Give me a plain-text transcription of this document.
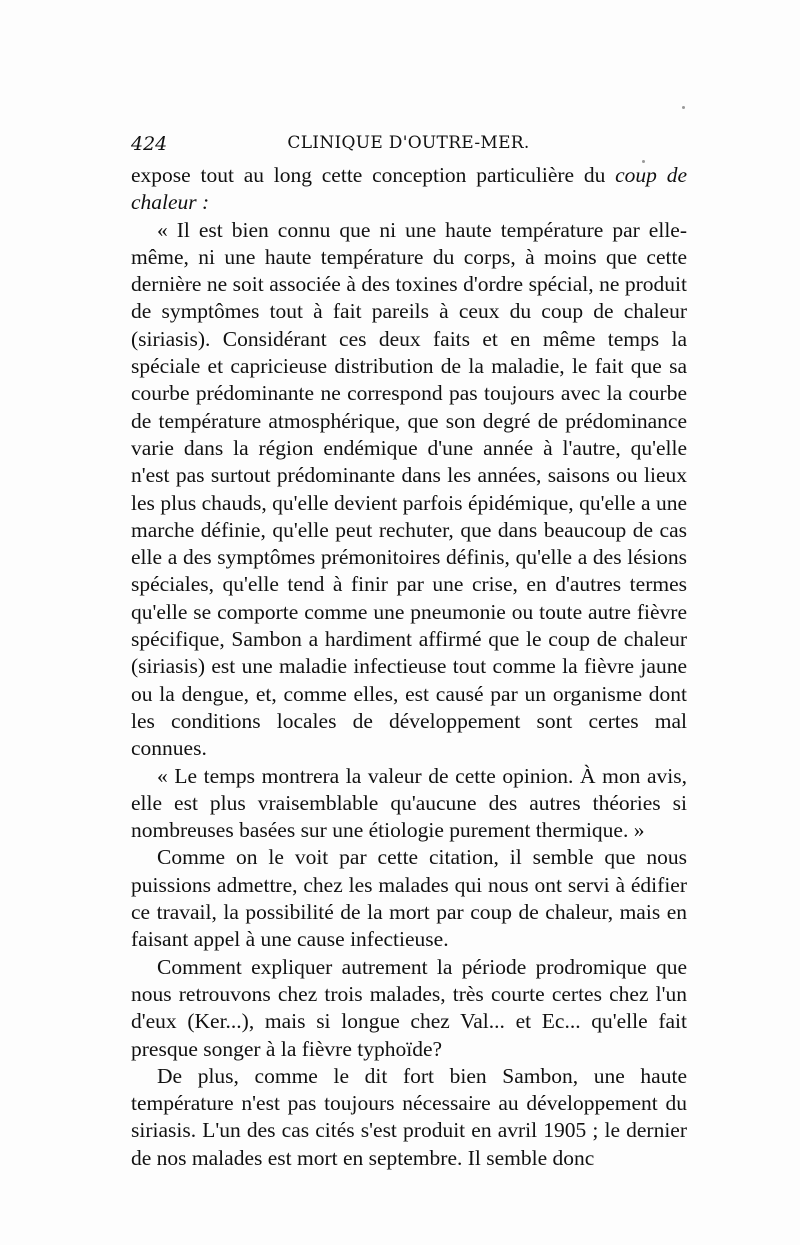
424	CLINIQUE D'OUTRE-MER.

expose tout au long cette conception particulière du coup de chaleur :

« Il est bien connu que ni une haute température par elle-même, ni une haute température du corps, à moins que cette dernière ne soit associée à des toxines d'ordre spécial, ne produit de symptômes tout à fait pareils à ceux du coup de chaleur (siriasis). Considérant ces deux faits et en même temps la spéciale et capricieuse distribution de la maladie, le fait que sa courbe prédominante ne correspond pas toujours avec la courbe de température atmosphérique, que son degré de prédominance varie dans la région endémique d'une année à l'autre, qu'elle n'est pas surtout prédominante dans les années, saisons ou lieux les plus chauds, qu'elle devient parfois épidémique, qu'elle a une marche définie, qu'elle peut rechuter, que dans beaucoup de cas elle a des symptômes prémonitoires définis, qu'elle a des lésions spéciales, qu'elle tend à finir par une crise, en d'autres termes qu'elle se comporte comme une pneumonie ou toute autre fièvre spécifique, Sambon a hardiment affirmé que le coup de chaleur (siriasis) est une maladie infectieuse tout comme la fièvre jaune ou la dengue, et, comme elles, est causé par un organisme dont les conditions locales de développement sont certes mal connues.

« Le temps montrera la valeur de cette opinion. À mon avis, elle est plus vraisemblable qu'aucune des autres théories si nombreuses basées sur une étiologie purement thermique. »

Comme on le voit par cette citation, il semble que nous puissions admettre, chez les malades qui nous ont servi à édifier ce travail, la possibilité de la mort par coup de chaleur, mais en faisant appel à une cause infectieuse.

Comment expliquer autrement la période prodromique que nous retrouvons chez trois malades, très courte certes chez l'un d'eux (Ker...), mais si longue chez Val... et Ec... qu'elle fait presque songer à la fièvre typhoïde?

De plus, comme le dit fort bien Sambon, une haute température n'est pas toujours nécessaire au développement du siriasis. L'un des cas cités s'est produit en avril 1905 ; le dernier de nos malades est mort en septembre. Il semble donc
